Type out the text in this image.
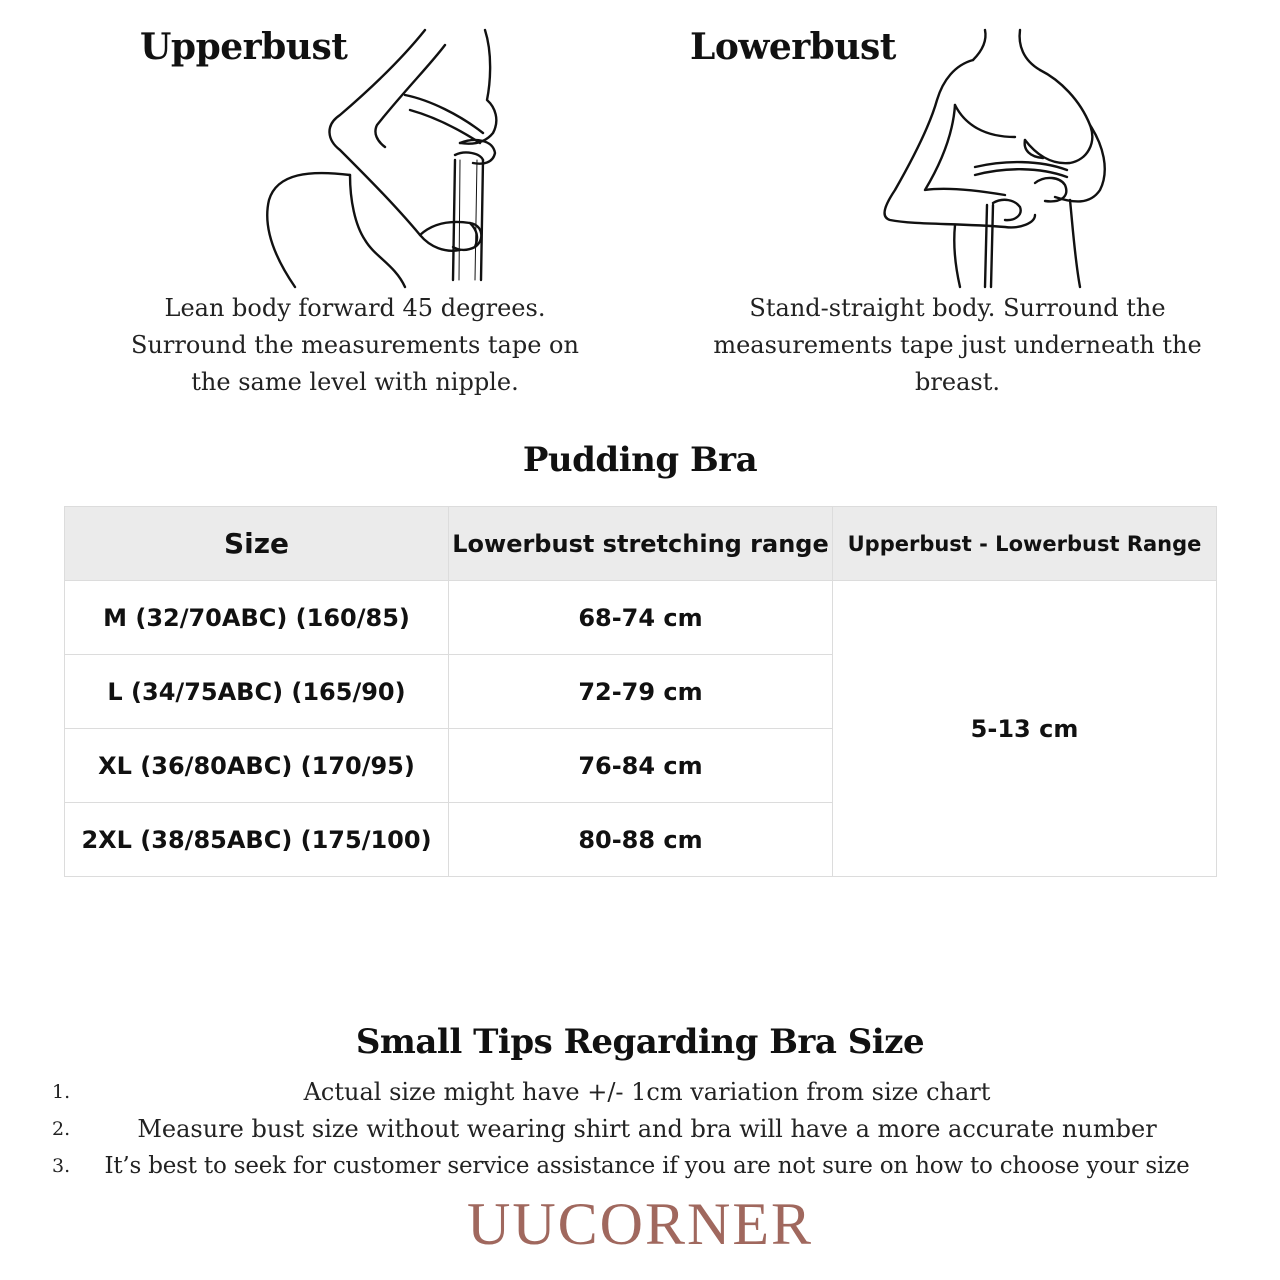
Upperbust
Lean body forward 45 degrees.
Surround the measurements tape on
the same level with nipple.
Lowerbust
Stand-straight body. Surround the
measurements tape just underneath the
breast.
Pudding Bra
Size	Lowerbust stretching range	Upperbust - Lowerbust Range
M (32/70ABC) (160/85)	68-74 cm	5-13 cm
L (34/75ABC) (165/90)	72-79 cm	
XL (36/80ABC) (170/95)	76-84 cm	
2XL (38/85ABC) (175/100)	80-88 cm	
Small Tips Regarding Bra Size
1.	Actual size might have +/- 1cm variation from size chart
2.	Measure bust size without wearing shirt and bra will have a more accurate number
3.	It’s best to seek for customer service assistance if you are not sure on how to choose your size
UUCORNER
